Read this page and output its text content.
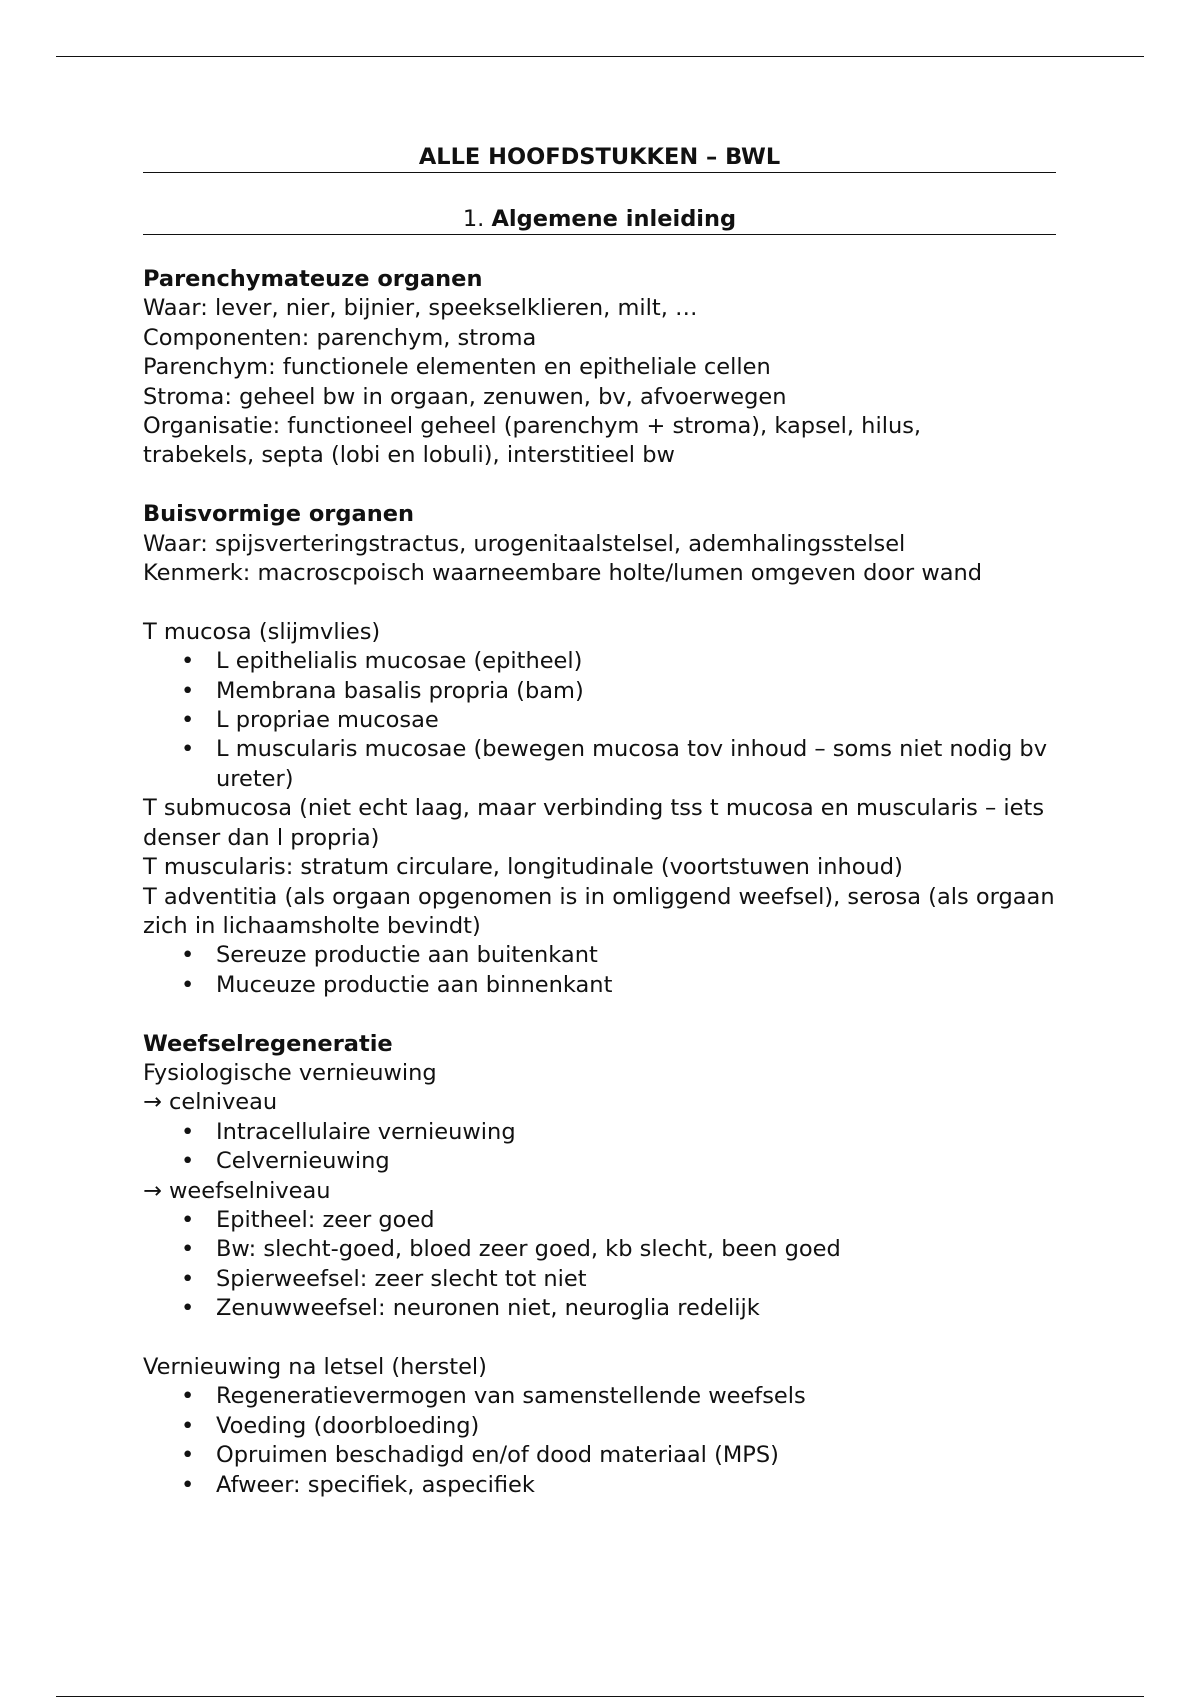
ALLE HOOFDSTUKKEN – BWL
1. Algemene inleiding

Parenchymateuze organen

Waar: lever, nier, bijnier, speekselklieren, milt, …

Componenten: parenchym, stroma

Parenchym: functionele elementen en epitheliale cellen

Stroma: geheel bw in orgaan, zenuwen, bv, afvoerwegen

Organisatie: functioneel geheel (parenchym + stroma), kapsel, hilus,

trabekels, septa (lobi en lobuli), interstitieel bw

Buisvormige organen

Waar: spijsverteringstractus, urogenitaalstelsel, ademhalingsstelsel

Kenmerk: macroscpoisch waarneembare holte/lumen omgeven door wand

T mucosa (slijmvlies)

• L epithelialis mucosae (epitheel)
• Membrana basalis propria (bam)
• L propriae mucosae
• L muscularis mucosae (bewegen mucosa tov inhoud – soms niet nodig bv ureter)

T submucosa (niet echt laag, maar verbinding tss t mucosa en muscularis – iets denser dan l propria)

T muscularis: stratum circulare, longitudinale (voortstuwen inhoud)

T adventitia (als orgaan opgenomen is in omliggend weefsel), serosa (als orgaan zich in lichaamsholte bevindt)

• Sereuze productie aan buitenkant
• Muceuze productie aan binnenkant

Weefselregeneratie

Fysiologische vernieuwing

→ celniveau

• Intracellulaire vernieuwing
• Celvernieuwing

→ weefselniveau

• Epitheel: zeer goed
• Bw: slecht-goed, bloed zeer goed, kb slecht, been goed
• Spierweefsel: zeer slecht tot niet
• Zenuwweefsel: neuronen niet, neuroglia redelijk

Vernieuwing na letsel (herstel)

• Regeneratievermogen van samenstellende weefsels
• Voeding (doorbloeding)
• Opruimen beschadigd en/of dood materiaal (MPS)
• Afweer: specifiek, aspecifiek
